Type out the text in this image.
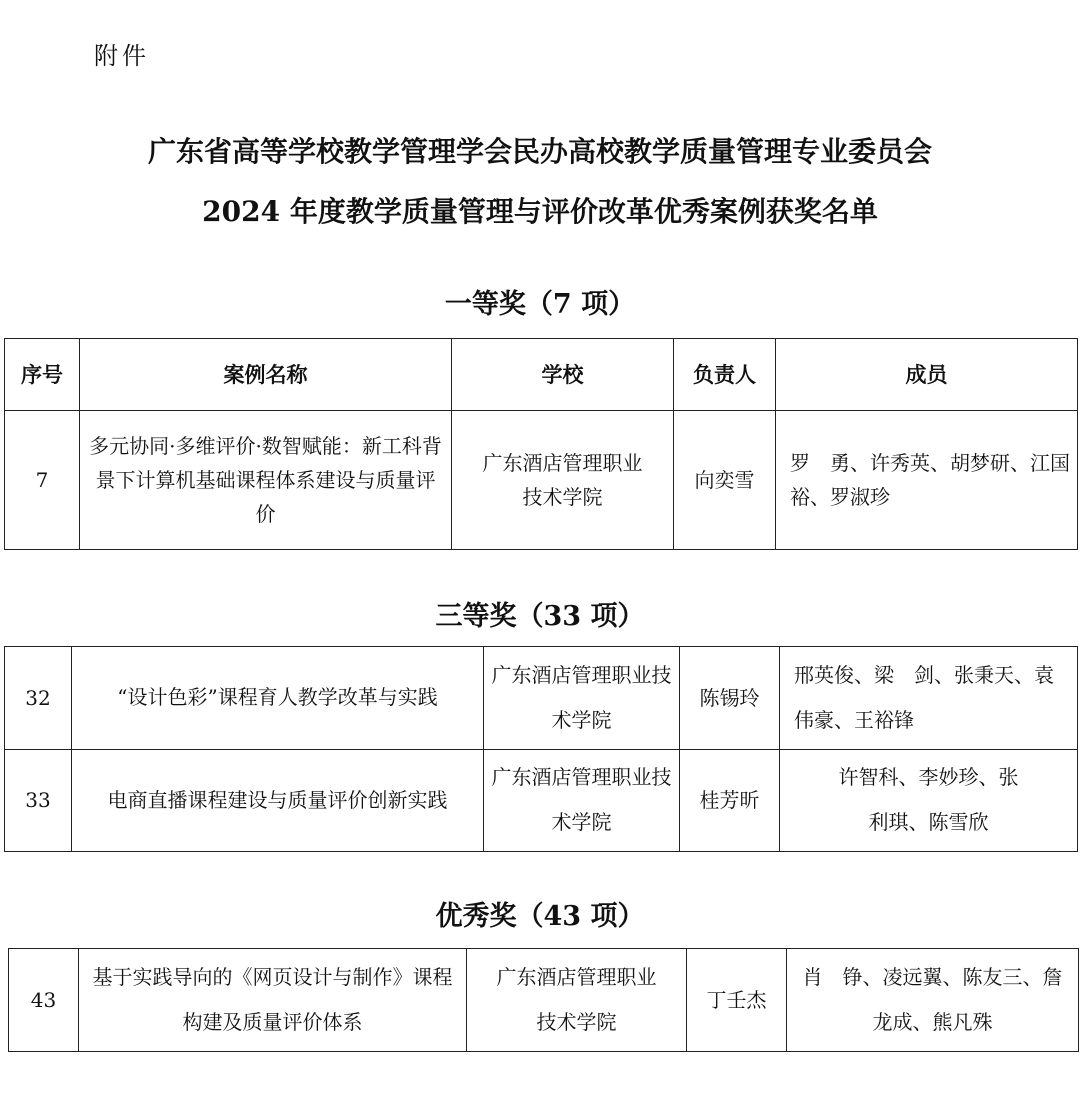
附件
广东省高等学校教学管理学会民办高校教学质量管理专业委员会
2024 年度教学质量管理与评价改革优秀案例获奖名单
一等奖（7 项）
序号	案例名称	学校	负责人	成员
7	多元协同·多维评价·数智赋能：新工科背景下计算机基础课程体系建设与质量评价	广东酒店管理职业技术学院	向奕雪	罗　勇、许秀英、胡梦研、江国裕、罗淑珍
三等奖（33 项）
32	“设计色彩”课程育人教学改革与实践	广东酒店管理职业技术学院	陈锡玲	邢英俊、梁　剑、张秉天、袁伟豪、王裕锋
33	电商直播课程建设与质量评价创新实践	广东酒店管理职业技术学院	桂芳昕	许智科、李妙珍、张利琪、陈雪欣
优秀奖（43 项）
43	基于实践导向的《网页设计与制作》课程构建及质量评价体系	广东酒店管理职业技术学院	丁壬杰	肖　铮、凌远翼、陈友三、詹龙成、熊凡殊
